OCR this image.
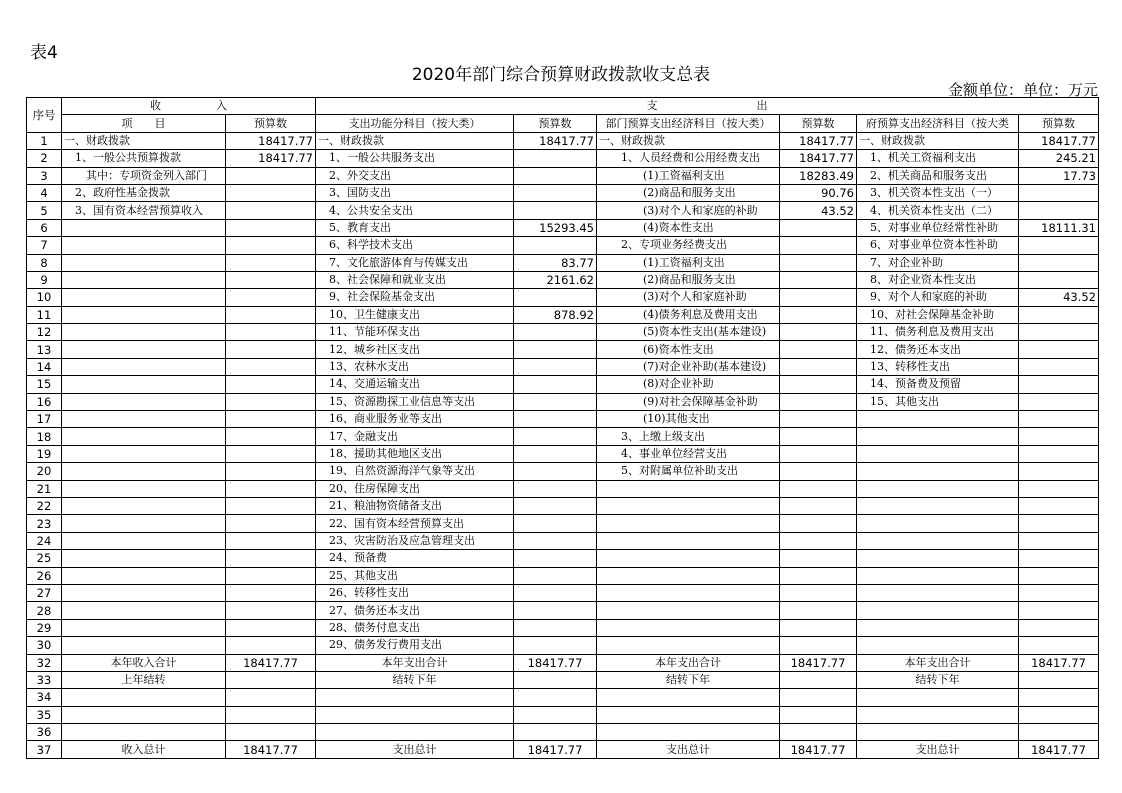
表4
2020年部门综合预算财政拨款收支总表
金额单位：单位：万元
序号	收　　　　　入		支　　　　　　　　　出					
	项　　目	预算数	支出功能分科目（按大类）	预算数	部门预算支出经济科目（按大类）	预算数	府预算支出经济科目（按大类	预算数
1	一、财政拨款	18417.77	一、财政拨款	18417.77	一、财政拨款	18417.77	一、财政拨款	18417.77
2	　1、一般公共预算拨款	18417.77	　1、一般公共服务支出		　　1、人员经费和公用经费支出	18417.77	　1、机关工资福利支出	245.21
3	　　其中：专项资金列入部门		　2、外交支出		　　　　(1)工资福利支出	18283.49	　2、机关商品和服务支出	17.73
4	　2、政府性基金拨款		　3、国防支出		　　　　(2)商品和服务支出	90.76	　3、机关资本性支出（一）	
5	　3、国有资本经营预算收入		　4、公共安全支出		　　　　(3)对个人和家庭的补助	43.52	　4、机关资本性支出（二）	
6			　5、教育支出	15293.45	　　　　(4)资本性支出		　5、对事业单位经常性补助	18111.31
7			　6、科学技术支出		　　2、专项业务经费支出		　6、对事业单位资本性补助	
8			　7、文化旅游体育与传媒支出	83.77	　　　　(1)工资福利支出		　7、对企业补助	
9			　8、社会保障和就业支出	2161.62	　　　　(2)商品和服务支出		　8、对企业资本性支出	
10			　9、社会保险基金支出		　　　　(3)对个人和家庭补助		　9、对个人和家庭的补助	43.52
11			　10、卫生健康支出	878.92	　　　　(4)债务利息及费用支出		　10、对社会保障基金补助	
12			　11、节能环保支出		　　　　(5)资本性支出(基本建设)		　11、债务利息及费用支出	
13			　12、城乡社区支出		　　　　(6)资本性支出		　12、债务还本支出	
14			　13、农林水支出		　　　　(7)对企业补助(基本建设)		　13、转移性支出	
15			　14、交通运输支出		　　　　(8)对企业补助		　14、预备费及预留	
16			　15、资源勘探工业信息等支出		　　　　(9)对社会保障基金补助		　15、其他支出	
17			　16、商业服务业等支出		　　　　(10)其他支出			
18			　17、金融支出		　　3、上缴上级支出			
19			　18、援助其他地区支出		　　4、事业单位经营支出			
20			　19、自然资源海洋气象等支出		　　5、对附属单位补助支出			
21			　20、住房保障支出					
22			　21、粮油物资储备支出					
23			　22、国有资本经营预算支出					
24			　23、灾害防治及应急管理支出					
25			　24、预备费					
26			　25、其他支出					
27			　26、转移性支出					
28			　27、债务还本支出					
29			　28、债务付息支出					
30			　29、债务发行费用支出					
32	本年收入合计	18417.77	本年支出合计	18417.77	本年支出合计	18417.77	本年支出合计	18417.77
33	上年结转		结转下年		结转下年		结转下年	
34								
35								
36								
37	收入总计	18417.77	支出总计	18417.77	支出总计	18417.77	支出总计	18417.77
